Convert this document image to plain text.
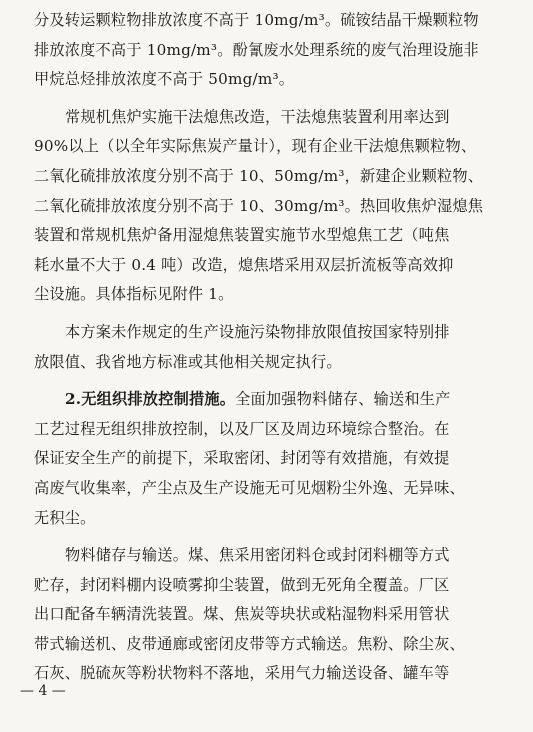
分及转运颗粒物排放浓度不高于 10mg/m³。硫铵结晶干燥颗粒物
排放浓度不高于 10mg/m³。酚氰废水处理系统的废气治理设施非
甲烷总烃排放浓度不高于 50mg/m³。
常规机焦炉实施干法熄焦改造，干法熄焦装置利用率达到
90%以上（以全年实际焦炭产量计），现有企业干法熄焦颗粒物、
二氧化硫排放浓度分别不高于 10、50mg/m³，新建企业颗粒物、
二氧化硫排放浓度分别不高于 10、30mg/m³。热回收焦炉湿熄焦
装置和常规机焦炉备用湿熄焦装置实施节水型熄焦工艺（吨焦
耗水量不大于 0.4 吨）改造，熄焦塔采用双层折流板等高效抑
尘设施。具体指标见附件 1。
本方案未作规定的生产设施污染物排放限值按国家特别排
放限值、我省地方标准或其他相关规定执行。
2.无组织排放控制措施。全面加强物料储存、输送和生产
工艺过程无组织排放控制，以及厂区及周边环境综合整治。在
保证安全生产的前提下，采取密闭、封闭等有效措施，有效提
高废气收集率，产尘点及生产设施无可见烟粉尘外逸、无异味、
无积尘。
物料储存与输送。煤、焦采用密闭料仓或封闭料棚等方式
贮存，封闭料棚内设喷雾抑尘装置，做到无死角全覆盖。厂区
出口配备车辆清洗装置。煤、焦炭等块状或粘湿物料采用管状
带式输送机、皮带通廊或密闭皮带等方式输送。焦粉、除尘灰、
石灰、脱硫灰等粉状物料不落地，采用气力输送设备、罐车等
— 4 —
